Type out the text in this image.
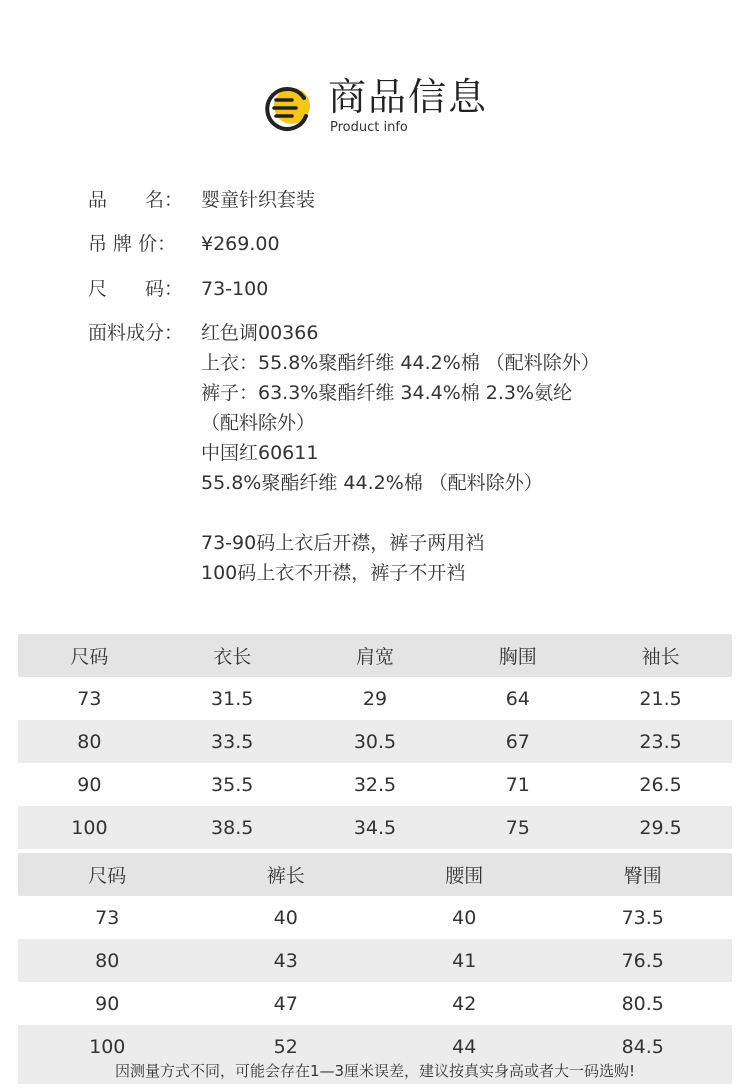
商品信息
Product info
品　　名： 婴童针织套装
吊 牌 价： ¥269.00
尺　　码： 73-100
面料成分： 红色调00366
上衣：55.8%聚酯纤维 44.2%棉 （配料除外）
裤子：63.3%聚酯纤维 34.4%棉 2.3%氨纶
（配料除外）
中国红60611
55.8%聚酯纤维 44.2%棉 （配料除外）
73-90码上衣后开襟，裤子两用裆
100码上衣不开襟，裤子不开裆
尺码	衣长	肩宽	胸围	袖长
73	31.5	29	64	21.5
80	33.5	30.5	67	23.5
90	35.5	32.5	71	26.5
100	38.5	34.5	75	29.5
尺码	裤长	腰围	臀围
73	40	40	73.5
80	43	41	76.5
90	47	42	80.5
100	52	44	84.5
因测量方式不同，可能会存在1—3厘米误差，建议按真实身高或者大一码选购!
